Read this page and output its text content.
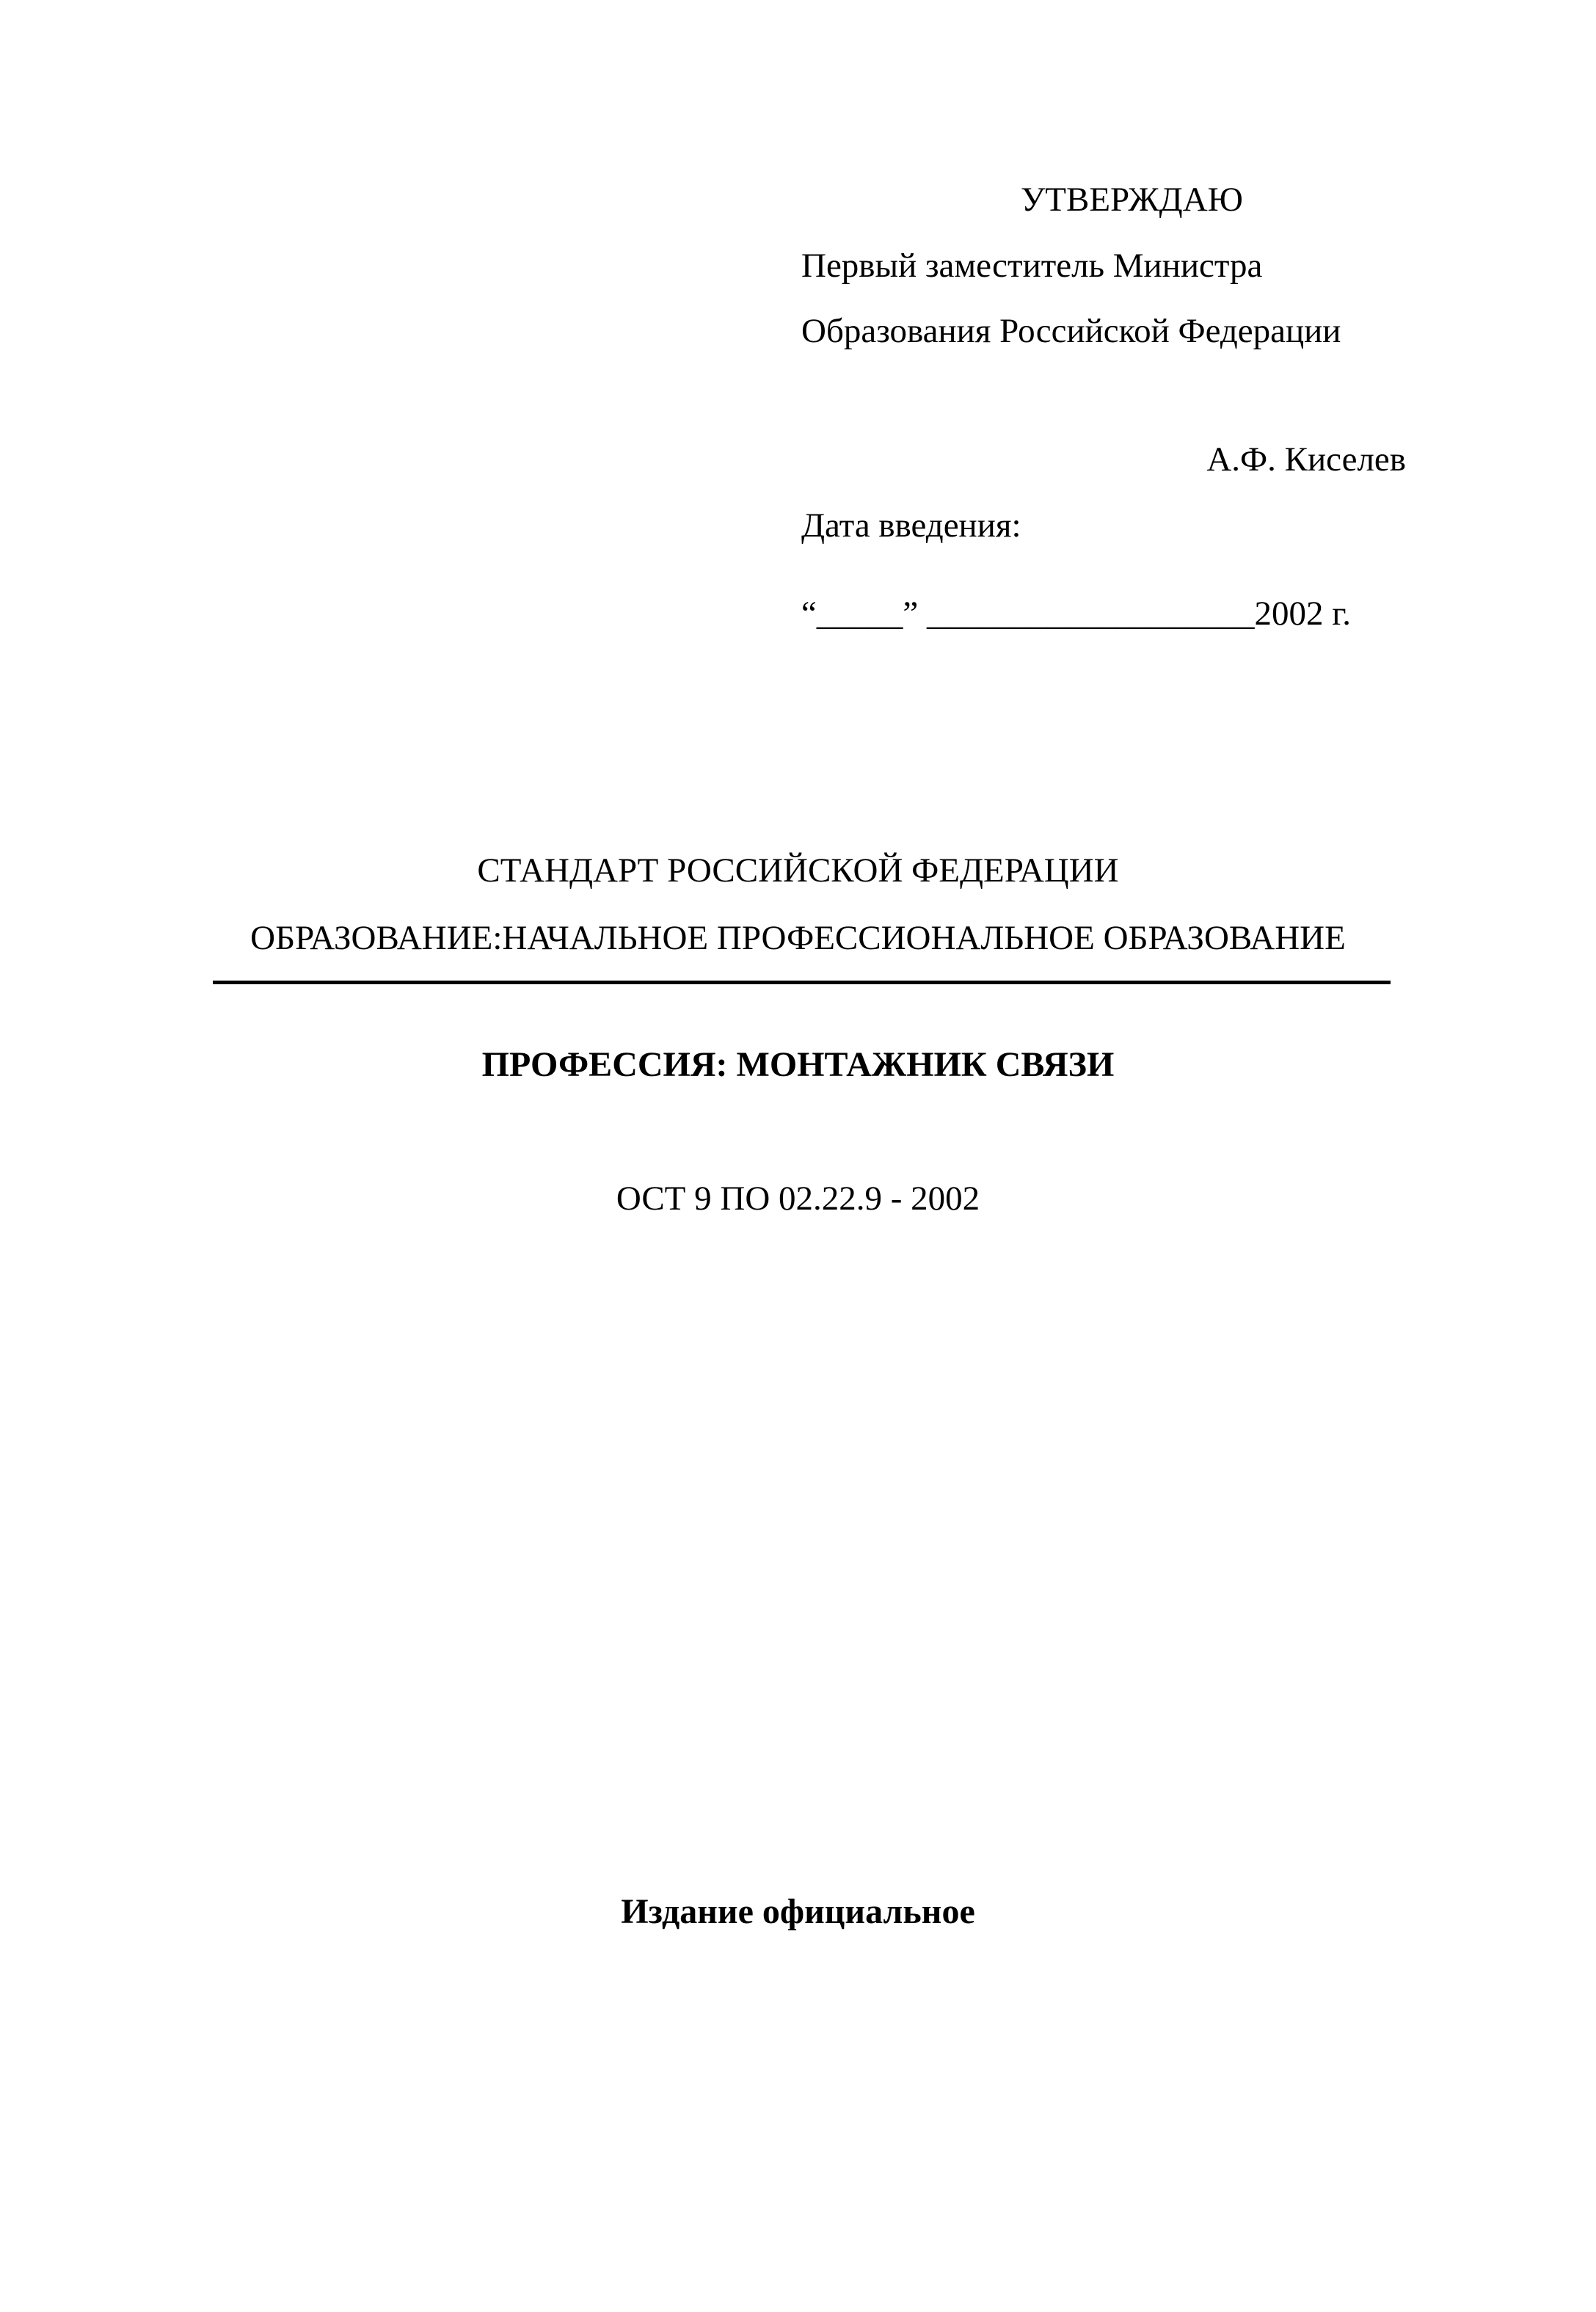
УТВЕРЖДАЮ
Первый заместитель Министра
Образования Российской Федерации
А.Ф. Киселев
Дата введения:
“_____” ___________________2002 г.
СТАНДАРТ РОССИЙСКОЙ ФЕДЕРАЦИИ
ОБРАЗОВАНИЕ:НАЧАЛЬНОЕ ПРОФЕССИОНАЛЬНОЕ ОБРАЗОВАНИЕ
ПРОФЕССИЯ: МОНТАЖНИК СВЯЗИ
ОСТ 9 ПО 02.22.9 - 2002
Издание официальное
